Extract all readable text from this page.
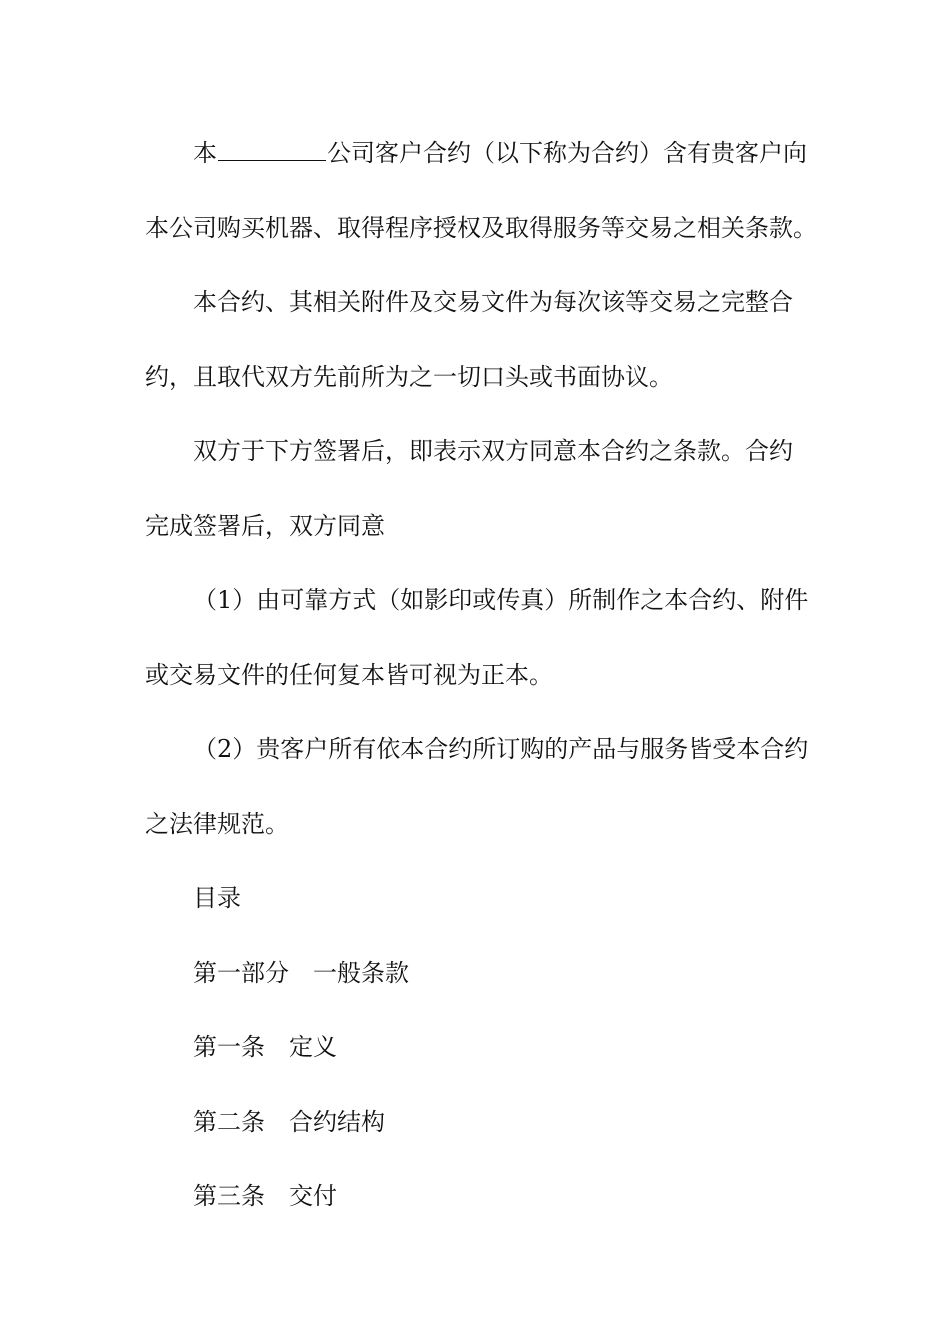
本	公司客户合约（以下称为合约）含有贵客户向

本公司购买机器、取得程序授权及取得服务等交易之相关条款。

本合约、其相关附件及交易文件为每次该等交易之完整合

约，且取代双方先前所为之一切口头或书面协议。

双方于下方签署后，即表示双方同意本合约之条款。合约

完成签署后，双方同意

（1）由可靠方式（如影印或传真）所制作之本合约、附件

或交易文件的任何复本皆可视为正本。

（2）贵客户所有依本合约所订购的产品与服务皆受本合约

之法律规范。

目录

第一部分 一般条款

第一条 定义

第二条 合约结构

第三条 交付
